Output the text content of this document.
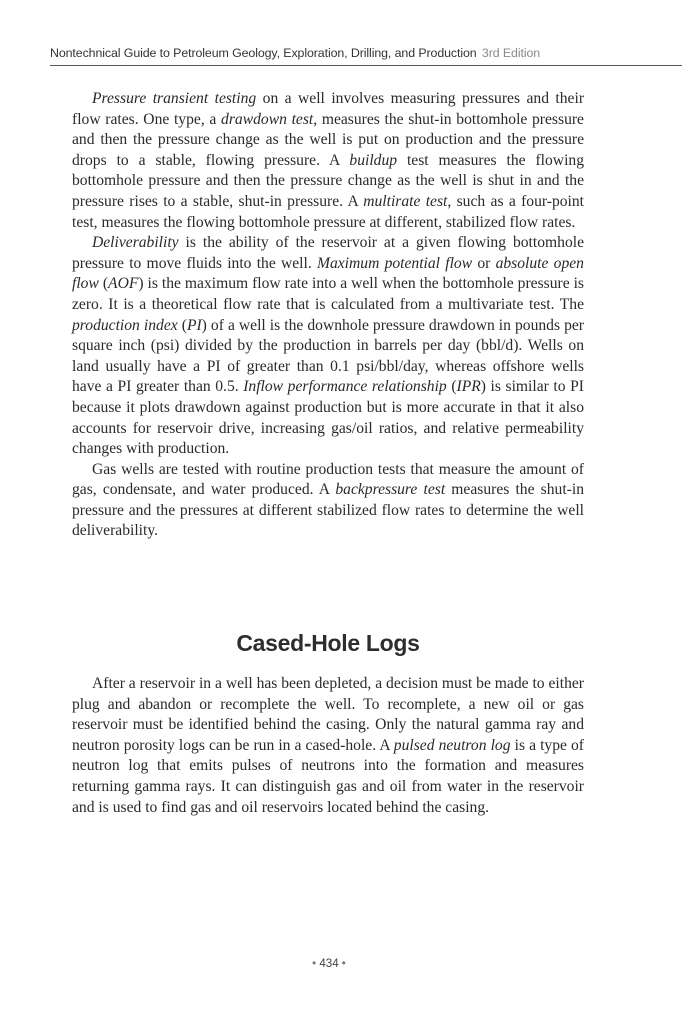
Nontechnical Guide to Petroleum Geology, Exploration, Drilling, and Production 3rd Edition

Pressure transient testing on a well involves measuring pressures and their flow rates. One type, a drawdown test, measures the shut-in bottomhole pressure and then the pressure change as the well is put on production and the pressure drops to a stable, flowing pressure. A buildup test measures the flowing bottomhole pressure and then the pressure change as the well is shut in and the pressure rises to a stable, shut-in pressure. A multirate test, such as a four-point test, measures the flowing bottomhole pressure at different, stabilized flow rates.

Deliverability is the ability of the reservoir at a given flowing bottomhole pressure to move fluids into the well. Maximum potential flow or absolute open flow (AOF) is the maximum flow rate into a well when the bottomhole pressure is zero. It is a theoretical flow rate that is calculated from a multivariate test. The production index (PI) of a well is the downhole pressure drawdown in pounds per square inch (psi) divided by the production in barrels per day (bbl/d). Wells on land usually have a PI of greater than 0.1 psi/bbl/day, whereas offshore wells have a PI greater than 0.5. Inflow performance relationship (IPR) is similar to PI because it plots drawdown against production but is more accurate in that it also accounts for reservoir drive, increasing gas/oil ratios, and relative permeability changes with production.

Gas wells are tested with routine production tests that measure the amount of gas, condensate, and water produced. A backpressure test measures the shut-in pressure and the pressures at different stabilized flow rates to determine the well deliverability.

Cased-Hole Logs

After a reservoir in a well has been depleted, a decision must be made to either plug and abandon or recomplete the well. To recomplete, a new oil or gas reservoir must be identified behind the casing. Only the natural gamma ray and neutron porosity logs can be run in a cased-hole. A pulsed neutron log is a type of neutron log that emits pulses of neutrons into the formation and measures returning gamma rays. It can distinguish gas and oil from water in the reservoir and is used to find gas and oil reservoirs located behind the casing.

• 434 •
